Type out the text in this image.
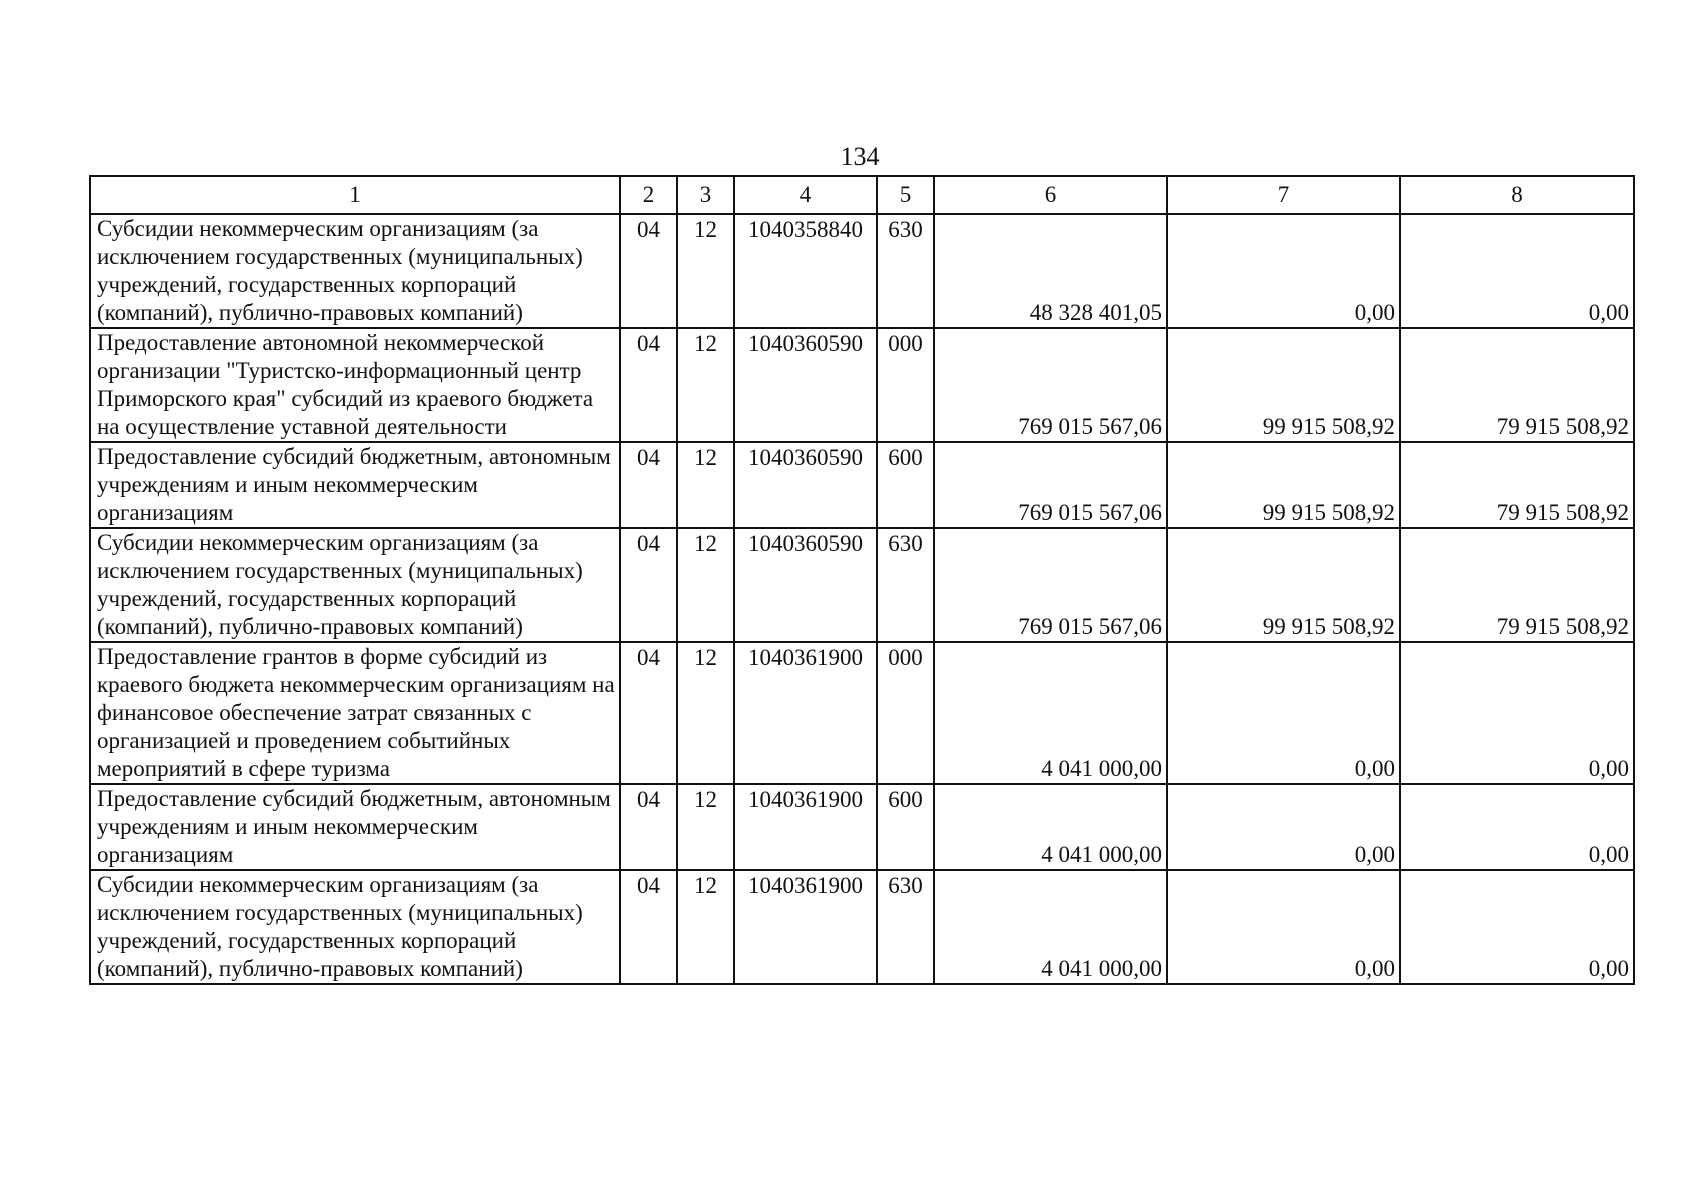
134
1	2	3	4	5	6	7	8
Субсидии некоммерческим организациям (за исключением государственных (муниципальных) учреждений, государственных корпораций (компаний), публично-правовых компаний)	04	12	1040358840	630	48 328 401,05	0,00	0,00
Предоставление автономной некоммерческой организации "Туристско-информационный центр Приморского края" субсидий из краевого бюджета на осуществление уставной деятельности	04	12	1040360590	000	769 015 567,06	99 915 508,92	79 915 508,92
Предоставление субсидий бюджетным, автономным учреждениям и иным некоммерческим организациям	04	12	1040360590	600	769 015 567,06	99 915 508,92	79 915 508,92
Субсидии некоммерческим организациям (за исключением государственных (муниципальных) учреждений, государственных корпораций (компаний), публично-правовых компаний)	04	12	1040360590	630	769 015 567,06	99 915 508,92	79 915 508,92
Предоставление грантов в форме субсидий из краевого бюджета некоммерческим организациям на финансовое обеспечение затрат связанных с организацией и проведением событийных мероприятий в сфере туризма	04	12	1040361900	000	4 041 000,00	0,00	0,00
Предоставление субсидий бюджетным, автономным учреждениям и иным некоммерческим организациям	04	12	1040361900	600	4 041 000,00	0,00	0,00
Субсидии некоммерческим организациям (за исключением государственных (муниципальных) учреждений, государственных корпораций (компаний), публично-правовых компаний)	04	12	1040361900	630	4 041 000,00	0,00	0,00
